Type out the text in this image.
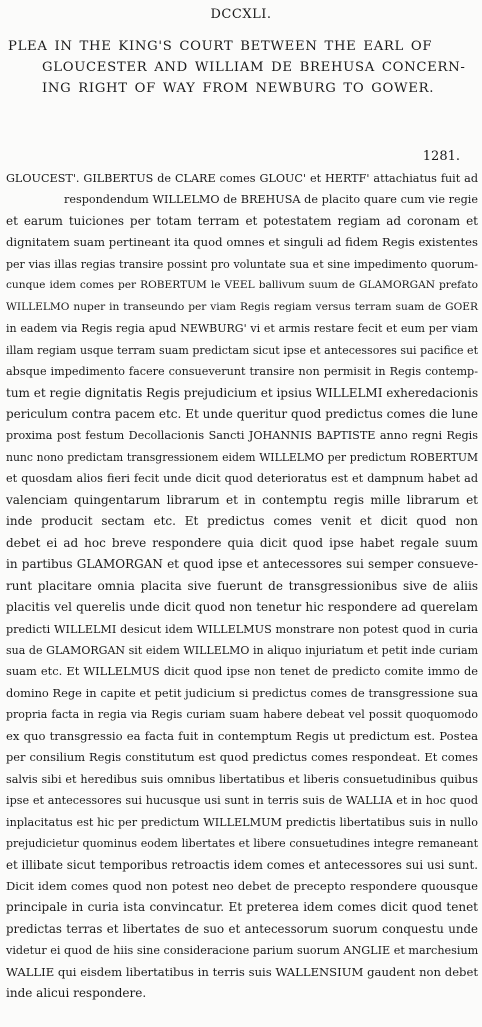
DCCXLI.
PLEA IN THE KING'S COURT BETWEEN THE EARL OF
GLOUCESTER AND WILLIAM DE BREHUSA CONCERN-
ING RIGHT OF WAY FROM NEWBURG TO GOWER.
1281.
GLOUCEST'. GILBERTUS de CLARE comes GLOUC' et HERTF' attachiatus fuit ad
respondendum WILLELMO de BREHUSA de placito quare cum vie regie
et earum tuiciones per totam terram et potestatem regiam ad coronam et
dignitatem suam pertineant ita quod omnes et singuli ad fidem Regis existentes
per vias illas regias transire possint pro voluntate sua et sine impedimento quorum-
cunque idem comes per ROBERTUM le VEEL ballivum suum de GLAMORGAN prefato
WILLELMO nuper in transeundo per viam Regis regiam versus terram suam de GOER
in eadem via Regis regia apud NEWBURG' vi et armis restare fecit et eum per viam
illam regiam usque terram suam predictam sicut ipse et antecessores sui pacifice et
absque impedimento facere consueverunt transire non permisit in Regis contemp-
tum et regie dignitatis Regis prejudicium et ipsius WILLELMI exheredacionis
periculum contra pacem etc. Et unde queritur quod predictus comes die lune
proxima post festum Decollacionis Sancti JOHANNIS BAPTISTE anno regni Regis
nunc nono predictam transgressionem eidem WILLELMO per predictum ROBERTUM
et quosdam alios fieri fecit unde dicit quod deterioratus est et dampnum habet ad
valenciam quingentarum librarum et in contemptu regis mille librarum et
inde producit sectam etc. Et predictus comes venit et dicit quod non
debet ei ad hoc breve respondere quia dicit quod ipse habet regale suum
in partibus GLAMORGAN et quod ipse et antecessores sui semper consueve-
runt placitare omnia placita sive fuerunt de transgressionibus sive de aliis
placitis vel querelis unde dicit quod non tenetur hic respondere ad querelam
predicti WILLELMI desicut idem WILLELMUS monstrare non potest quod in curia
sua de GLAMORGAN sit eidem WILLELMO in aliquo injuriatum et petit inde curiam
suam etc. Et WILLELMUS dicit quod ipse non tenet de predicto comite immo de
domino Rege in capite et petit judicium si predictus comes de transgressione sua
propria facta in regia via Regis curiam suam habere debeat vel possit quoquomodo
ex quo transgressio ea facta fuit in contemptum Regis ut predictum est. Postea
per consilium Regis constitutum est quod predictus comes respondeat. Et comes
salvis sibi et heredibus suis omnibus libertatibus et liberis consuetudinibus quibus
ipse et antecessores sui hucusque usi sunt in terris suis de WALLIA et in hoc quod
inplacitatus est hic per predictum WILLELMUM predictis libertatibus suis in nullo
prejudicietur quominus eodem libertates et libere consuetudines integre remaneant
et illibate sicut temporibus retroactis idem comes et antecessores sui usi sunt.
Dicit idem comes quod non potest neo debet de precepto respondere quousque
principale in curia ista convincatur. Et preterea idem comes dicit quod tenet
predictas terras et libertates de suo et antecessorum suorum conquestu unde
videtur ei quod de hiis sine consideracione parium suorum ANGLIE et marchesium
WALLIE qui eisdem libertatibus in terris suis WALLENSIUM gaudent non debet
inde alicui respondere.
